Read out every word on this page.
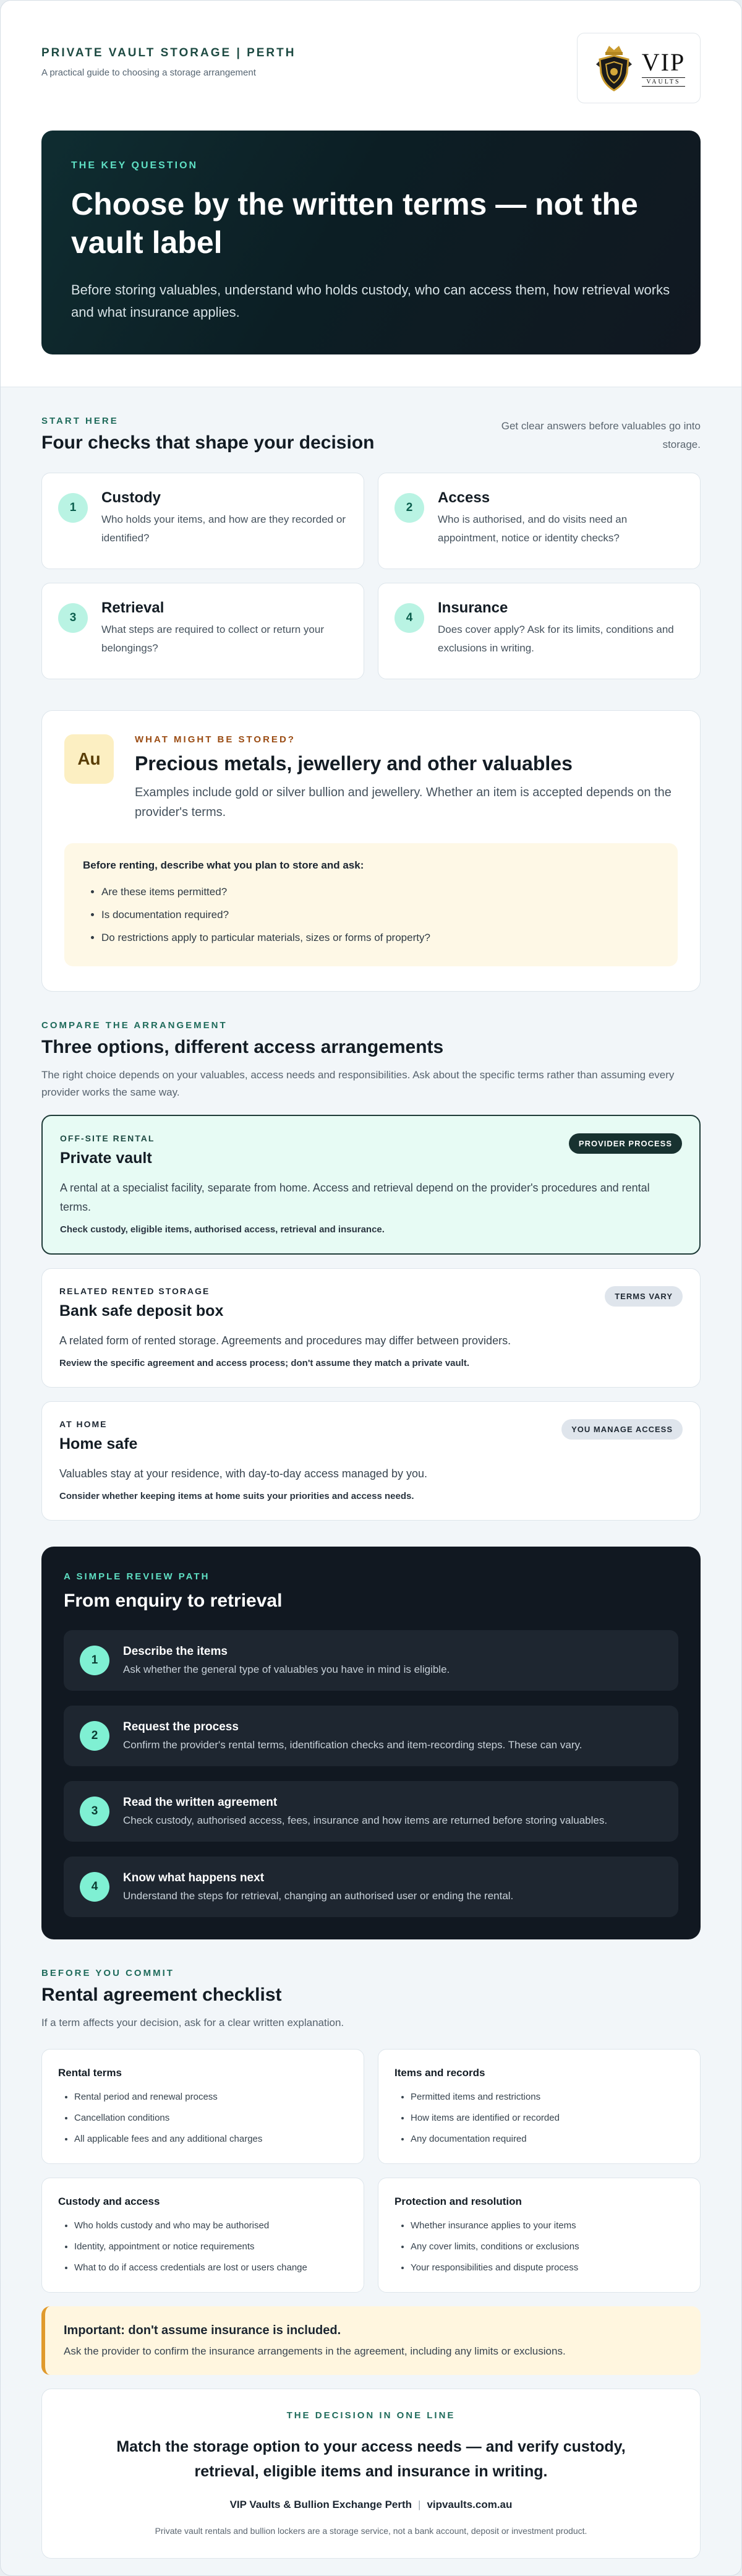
PRIVATE VAULT STORAGE | PERTH
A practical guide to choosing a storage arrangement	VIP
VAULTS
THE KEY QUESTION
Choose by the written terms — not the vault label
Before storing valuables, understand who holds custody, who can access them, how retrieval works and what insurance applies.
START HERE
Four checks that shape your decision
Get clear answers before valuables go into storage.
1
Custody
Who holds your items, and how are they recorded or identified?
2
Access
Who is authorised, and do visits need an appointment, notice or identity checks?
3
Retrieval
What steps are required to collect or return your belongings?
4
Insurance
Does cover apply? Ask for its limits, conditions and exclusions in writing.
Au
WHAT MIGHT BE STORED?
Precious metals, jewellery and other valuables
Examples include gold or silver bullion and jewellery. Whether an item is accepted depends on the provider's terms.
Before renting, describe what you plan to store and ask:
• Are these items permitted?
• Is documentation required?
• Do restrictions apply to particular materials, sizes or forms of property?
COMPARE THE ARRANGEMENT
Three options, different access arrangements
The right choice depends on your valuables, access needs and responsibilities. Ask about the specific terms rather than assuming every provider works the same way.
PROVIDER PROCESS
OFF-SITE RENTAL
Private vault
A rental at a specialist facility, separate from home. Access and retrieval depend on the provider's procedures and rental terms.
Check custody, eligible items, authorised access, retrieval and insurance.
TERMS VARY
RELATED RENTED STORAGE
Bank safe deposit box
A related form of rented storage. Agreements and procedures may differ between providers.
Review the specific agreement and access process; don't assume they match a private vault.
YOU MANAGE ACCESS
AT HOME
Home safe
Valuables stay at your residence, with day-to-day access managed by you.
Consider whether keeping items at home suits your priorities and access needs.
A SIMPLE REVIEW PATH
From enquiry to retrieval
1
Describe the items
Ask whether the general type of valuables you have in mind is eligible.
2
Request the process
Confirm the provider's rental terms, identification checks and item-recording steps. These can vary.
3
Read the written agreement
Check custody, authorised access, fees, insurance and how items are returned before storing valuables.
4
Know what happens next
Understand the steps for retrieval, changing an authorised user or ending the rental.
BEFORE YOU COMMIT
Rental agreement checklist
If a term affects your decision, ask for a clear written explanation.
Rental terms
• Rental period and renewal process
• Cancellation conditions
• All applicable fees and any additional charges
Items and records
• Permitted items and restrictions
• How items are identified or recorded
• Any documentation required
Custody and access
• Who holds custody and who may be authorised
• Identity, appointment or notice requirements
• What to do if access credentials are lost or users change
Protection and resolution
• Whether insurance applies to your items
• Any cover limits, conditions or exclusions
• Your responsibilities and dispute process
Important: don't assume insurance is included.
Ask the provider to confirm the insurance arrangements in the agreement, including any limits or exclusions.
THE DECISION IN ONE LINE
Match the storage option to your access needs — and verify custody, retrieval, eligible items and insurance in writing.
VIP Vaults & Bullion Exchange Perth | vipvaults.com.au
Private vault rentals and bullion lockers are a storage service, not a bank account, deposit or investment product.
